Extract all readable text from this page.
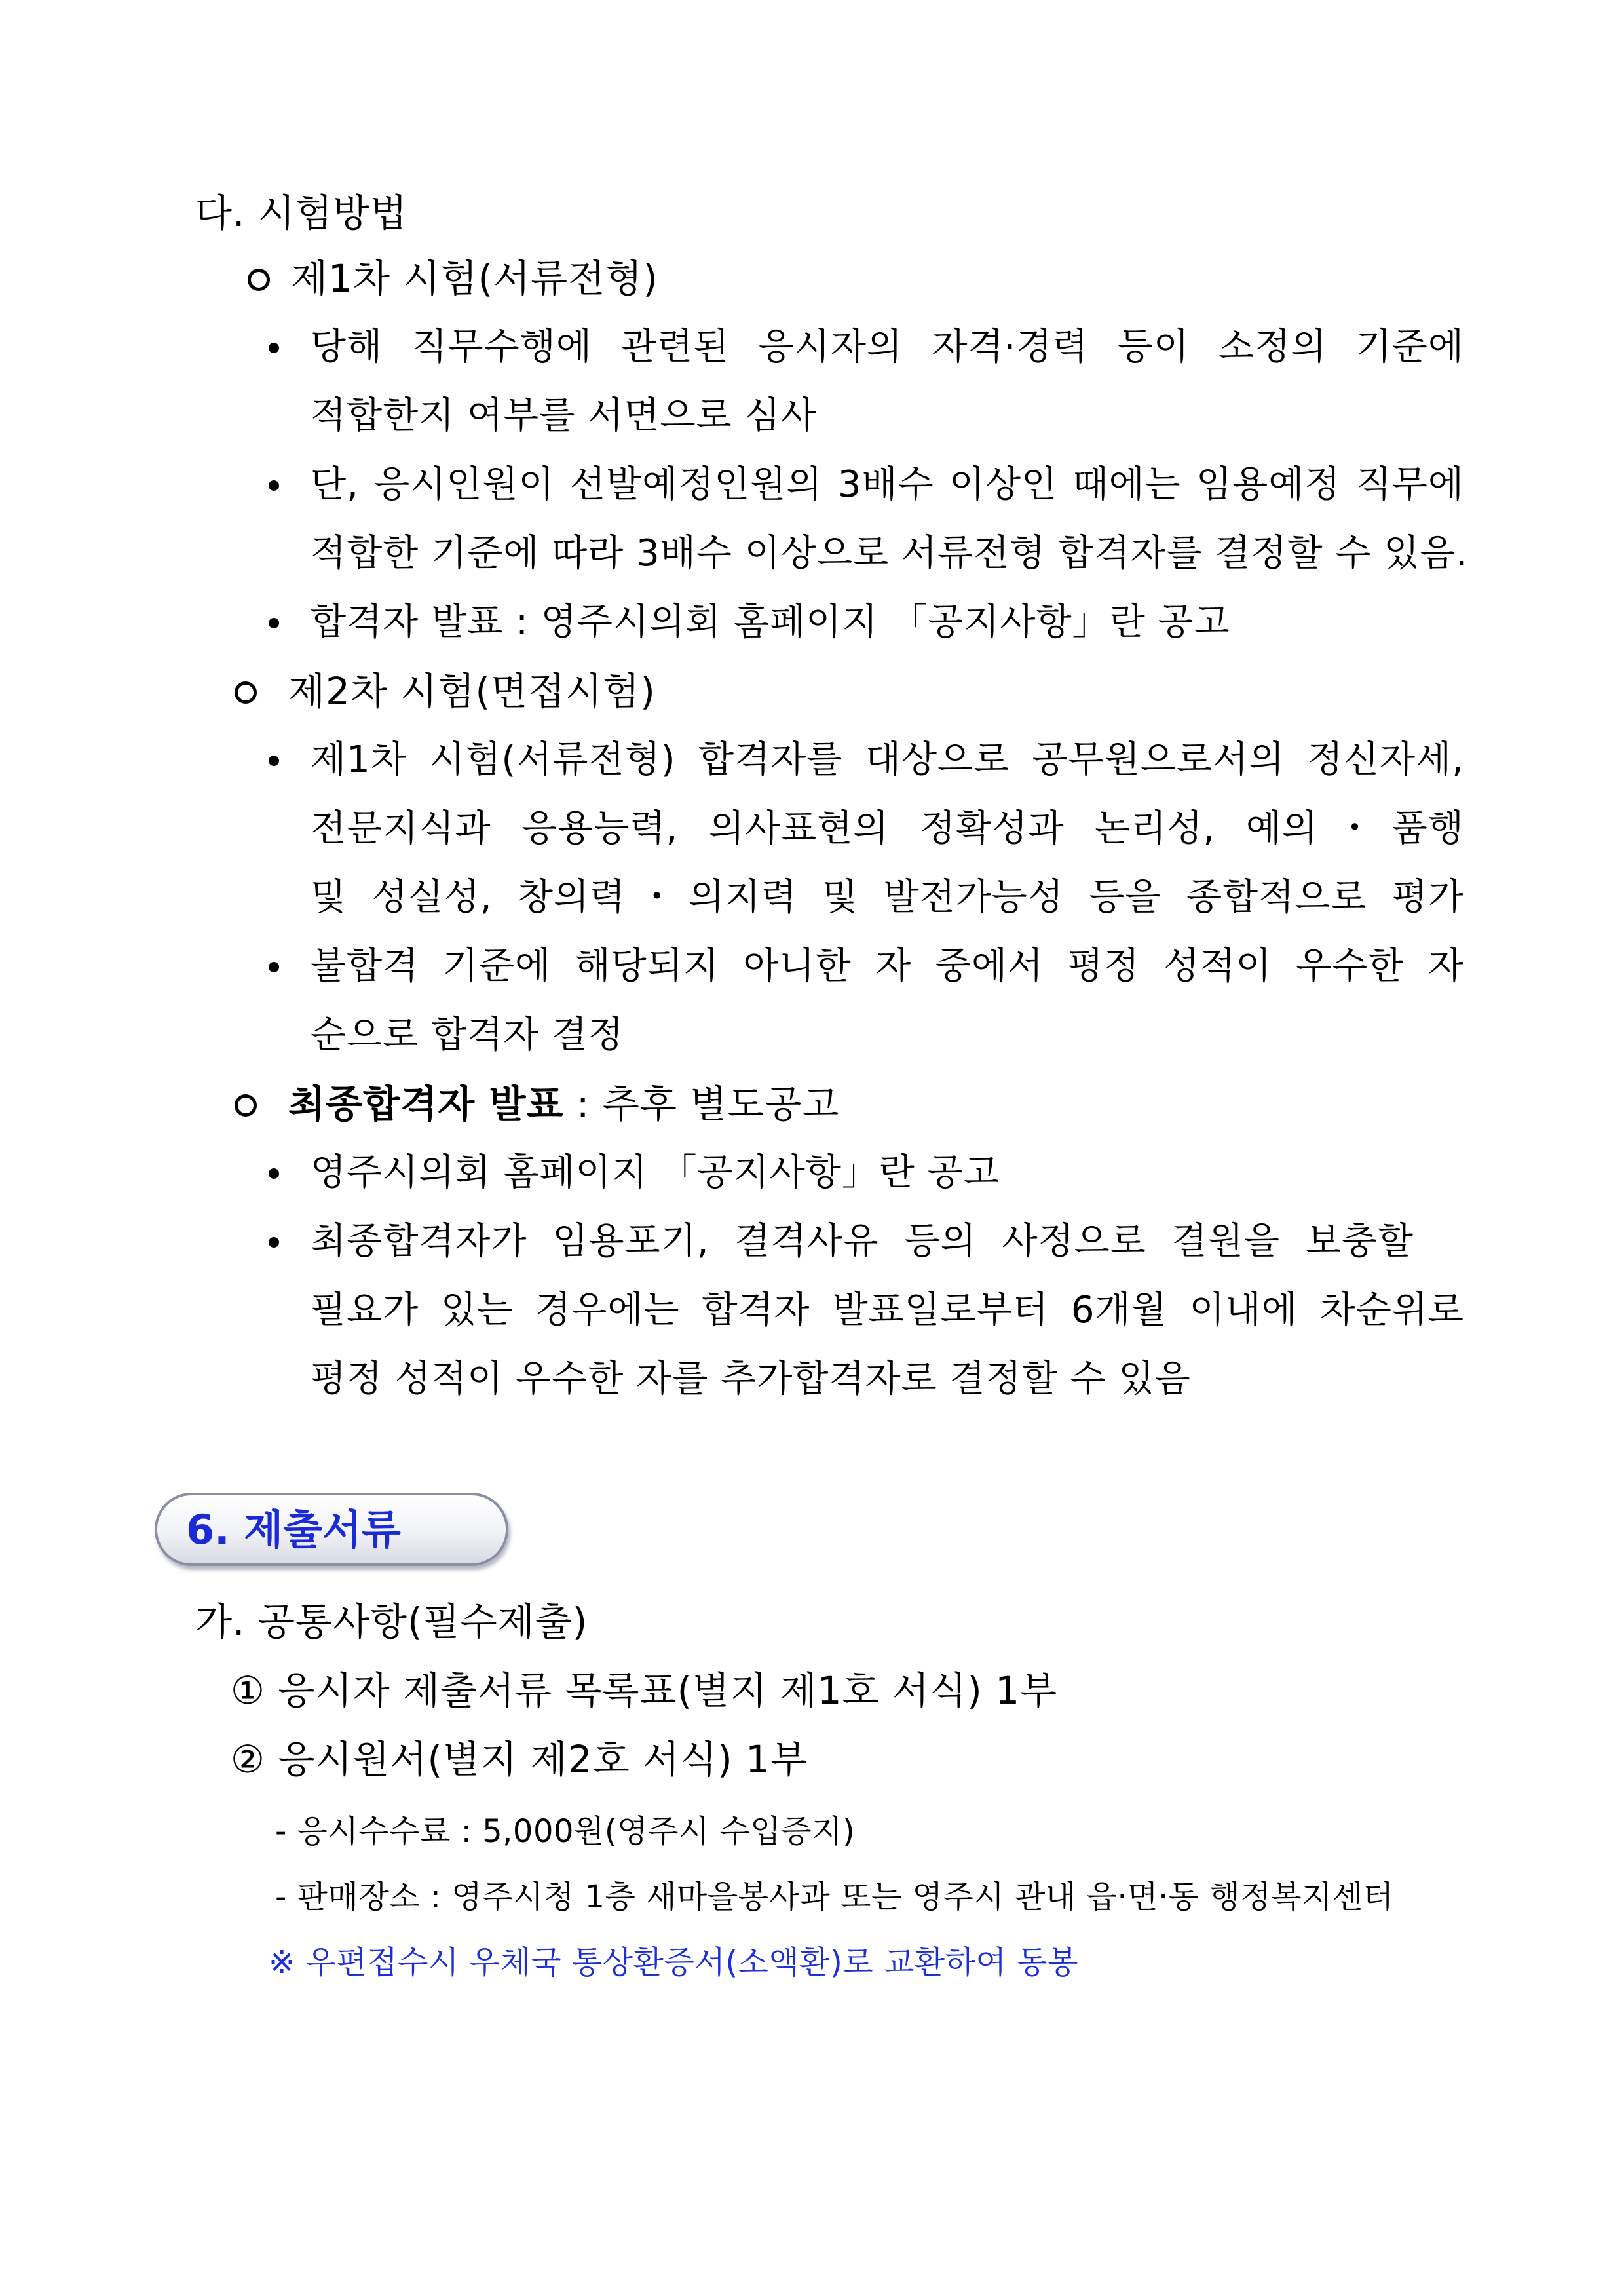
다. 시험방법
제1차 시험(서류전형)
당해 직무수행에 관련된 응시자의 자격·경력 등이 소정의 기준에
적합한지 여부를 서면으로 심사
단, 응시인원이 선발예정인원의 3배수 이상인 때에는 임용예정 직무에
적합한 기준에 따라 3배수 이상으로 서류전형 합격자를 결정할 수 있음.
합격자 발표 : 영주시의회 홈페이지 「공지사항」란 공고
제2차 시험(면접시험)
제1차 시험(서류전형) 합격자를 대상으로 공무원으로서의 정신자세,
전문지식과 응용능력, 의사표현의 정확성과 논리성, 예의・품행
및 성실성, 창의력・의지력 및 발전가능성 등을 종합적으로 평가
불합격 기준에 해당되지 아니한 자 중에서 평정 성적이 우수한 자
순으로 합격자 결정
최종합격자 발표 : 추후 별도공고
영주시의회 홈페이지 「공지사항」란 공고
최종합격자가 임용포기, 결격사유 등의 사정으로 결원을 보충할
필요가 있는 경우에는 합격자 발표일로부터 6개월 이내에 차순위로
평정 성적이 우수한 자를 추가합격자로 결정할 수 있음
6. 제출서류
가. 공통사항(필수제출)
① 응시자 제출서류 목록표(별지 제1호 서식) 1부
② 응시원서(별지 제2호 서식) 1부
- 응시수수료 : 5,000원(영주시 수입증지)
- 판매장소 : 영주시청 1층 새마을봉사과 또는 영주시 관내 읍·면·동 행정복지센터
※ 우편접수시 우체국 통상환증서(소액환)로 교환하여 동봉
